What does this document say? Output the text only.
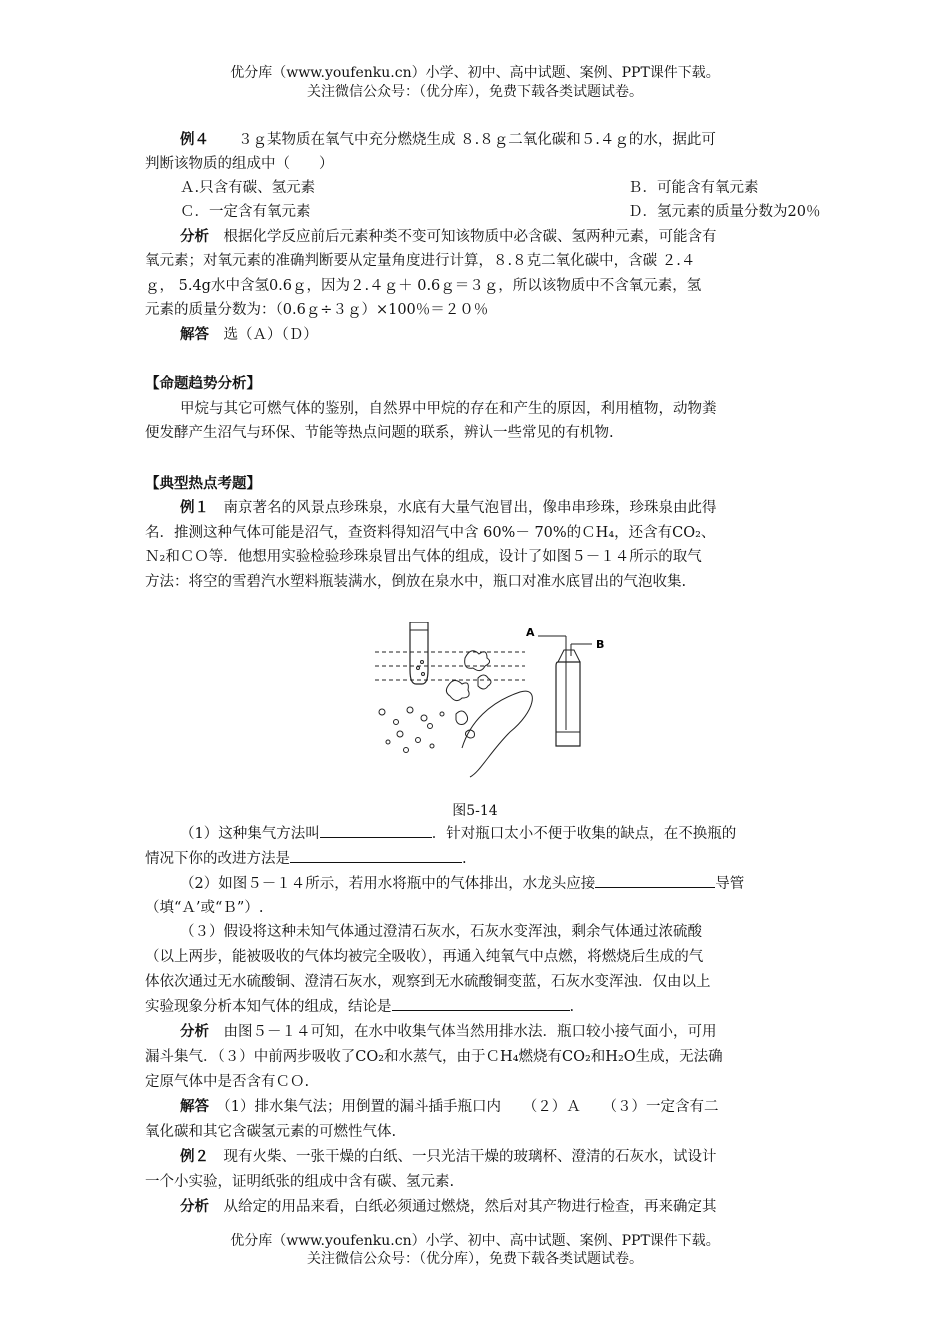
优分库（www.youfenku.cn）小学、初中、高中试题、案例、PPT课件下载。
关注微信公众号：（优分库），免费下载各类试题试卷。
例４　　 ３ｇ某物质在氧气中充分燃烧生成 ８.８ｇ二氧化碳和５.４ｇ的水，据此可
判断该物质的组成中（　　）
Ａ.只含有碳、氢元素	Ｂ．可能含有氧元素
Ｃ．一定含有氧元素	Ｄ．氢元素的质量分数为20％
分析　 根据化学反应前后元素种类不变可知该物质中必含碳、氢两种元素，可能含有
氧元素；对氧元素的准确判断要从定量角度进行计算，８.８克二氧化碳中，含碳 ２.４
ｇ， 5.4g水中含氢0.6ｇ，因为２.４ｇ＋ 0.6ｇ＝３ｇ，所以该物质中不含氧元素，氢
元素的质量分数为：（0.6ｇ÷３ｇ）×100％＝２０％
解答　 选（Ａ）（Ｄ）
【命题趋势分析】
甲烷与其它可燃气体的鉴别，自然界中甲烷的存在和产生的原因，利用植物，动物粪
便发酵产生沼气与环保、节能等热点问题的联系，辨认一些常见的有机物.
【典型热点考题】
例１　 南京著名的风景点珍珠泉，水底有大量气泡冒出，像串串珍珠，珍珠泉由此得
名．推测这种气体可能是沼气，查资料得知沼气中含 60%－ 70%的ＣH₄，还含有CO₂、
Ｎ₂和ＣＯ等．他想用实验检验珍珠泉冒出气体的组成，设计了如图５－１４所示的取气
方法：将空的雪碧汽水塑料瓶装满水，倒放在泉水中，瓶口对准水底冒出的气泡收集.
A
B
图5-14
（1）这种集气方法叫	．针对瓶口太小不便于收集的缺点，在不换瓶的
情况下你的改进方法是	.
（2）如图５－１４所示，若用水将瓶中的气体排出，水龙头应接	导管
（填“Ａ’或“Ｂ”）.
（３）假设将这种未知气体通过澄清石灰水，石灰水变浑浊，剩余气体通过浓硫酸
（以上两步，能被吸收的气体均被完全吸收），再通入纯氧气中点燃，将燃烧后生成的气
体依次通过无水硫酸铜、澄清石灰水，观察到无水硫酸铜变蓝，石灰水变浑浊．仅由以上
实验现象分析本知气体的组成，结论是	.
分析　 由图５－１４可知，在水中收集气体当然用排水法．瓶口较小接气面小，可用
漏斗集气．（３）中前两步吸收了CO₂和水蒸气，由于ＣH₄燃烧有CO₂和H₂O生成，无法确
定原气体中是否含有ＣＯ.
解答　 （1）排水集气法；用倒置的漏斗插手瓶口内　　（２）Ａ　　（３）一定含有二
氧化碳和其它含碳氢元素的可燃性气体.
例２　 现有火柴、一张干燥的白纸、一只光洁干燥的玻璃杯、澄清的石灰水，试设计
一个小实验，证明纸张的组成中含有碳、氢元素.
分析　 从给定的用品来看，白纸必须通过燃烧，然后对其产物进行检查，再来确定其
优分库（www.youfenku.cn）小学、初中、高中试题、案例、PPT课件下载。
关注微信公众号：（优分库），免费下载各类试题试卷。
